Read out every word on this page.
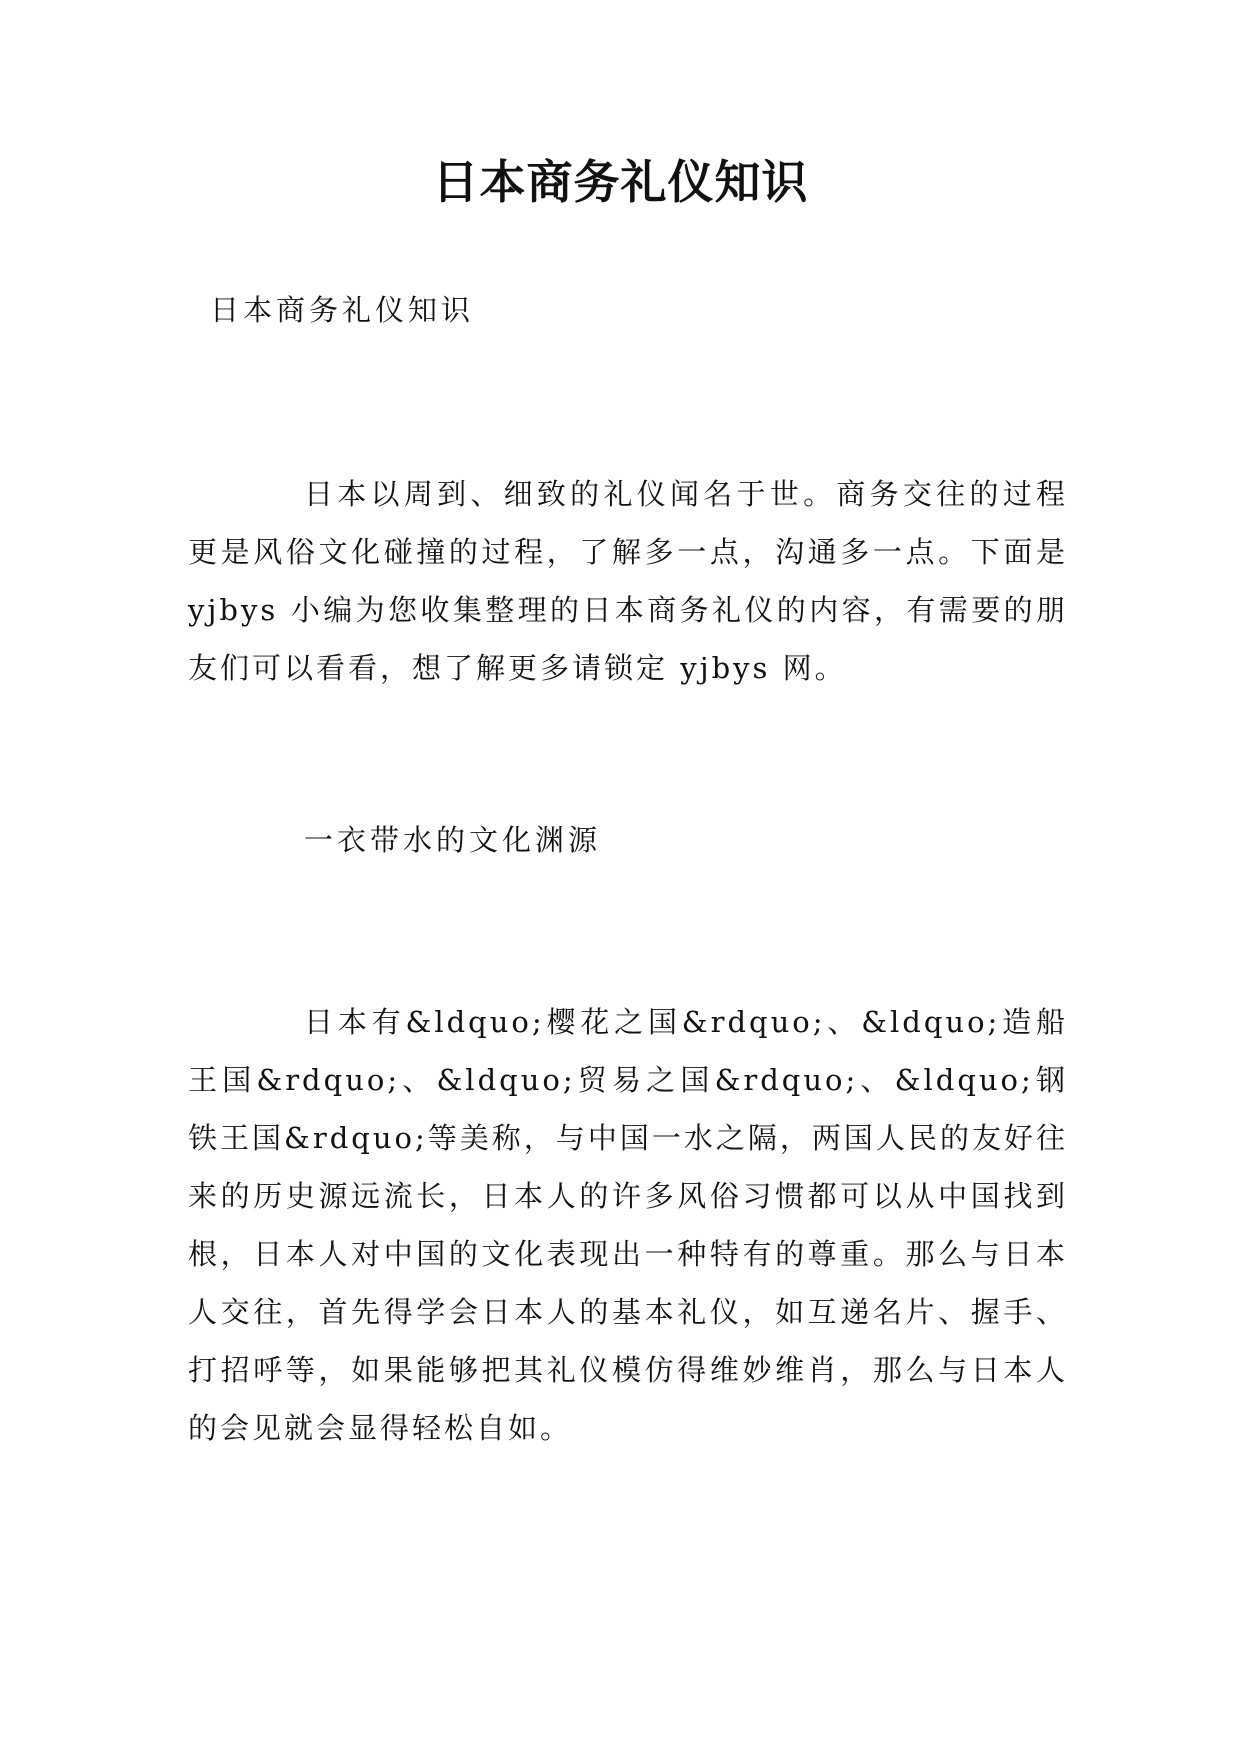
日本商务礼仪知识
日本商务礼仪知识
日本以周到、细致的礼仪闻名于世。商务交往的过程更是风俗文化碰撞的过程，了解多一点，沟通多一点。下面是 yjbys 小编为您收集整理的日本商务礼仪的内容，有需要的朋友们可以看看，想了解更多请锁定 yjbys 网。
一衣带水的文化渊源
日本有&ldquo;樱花之国&rdquo;、&ldquo;造船王国&rdquo;、&ldquo;贸易之国&rdquo;、&ldquo;钢铁王国&rdquo;等美称，与中国一水之隔，两国人民的友好往来的历史源远流长，日本人的许多风俗习惯都可以从中国找到根，日本人对中国的文化表现出一种特有的尊重。那么与日本人交往，首先得学会日本人的基本礼仪，如互递名片、握手、打招呼等，如果能够把其礼仪模仿得维妙维肖，那么与日本人的会见就会显得轻松自如。
